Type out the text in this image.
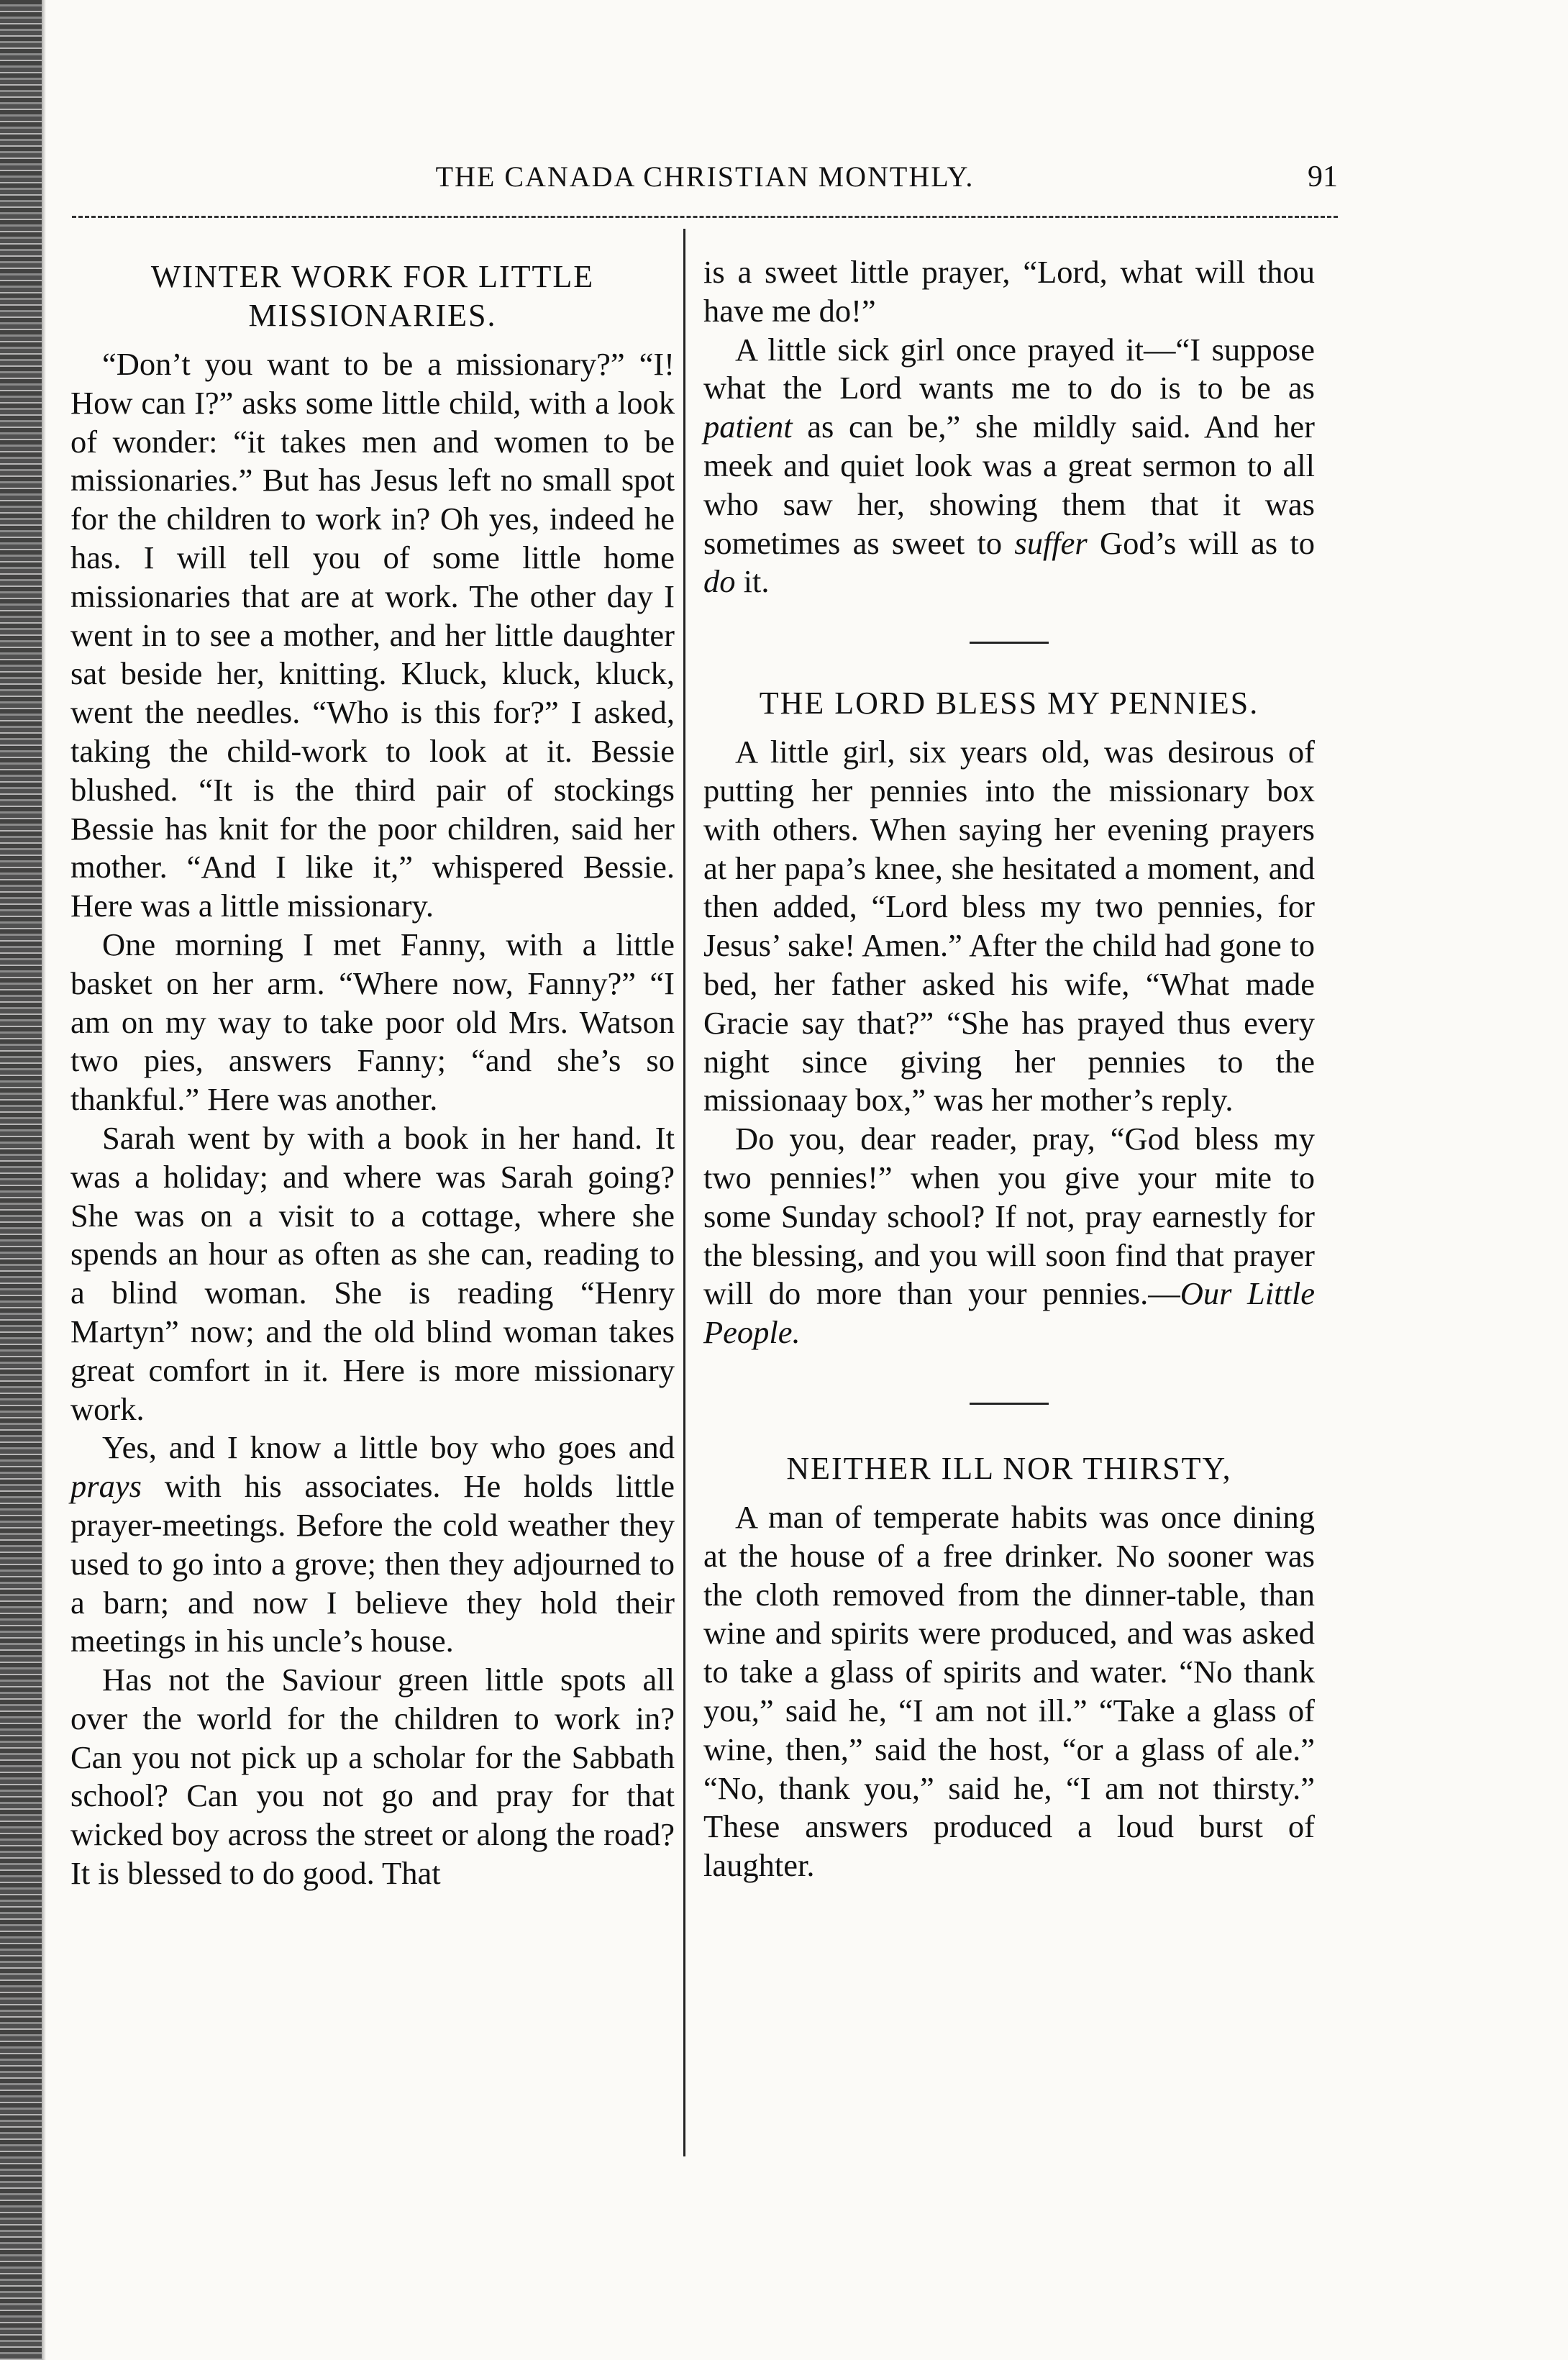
THE CANADA CHRISTIAN MONTHLY.	91
WINTER WORK FOR LITTLE MISSIONARIES.

“Don’t you want to be a missionary?” “I! How can I?” asks some little child, with a look of wonder: “it takes men and women to be missionaries.” But has Jesus left no small spot for the children to work in? Oh yes, indeed he has. I will tell you of some little home missionaries that are at work. The other day I went in to see a mother, and her little daughter sat beside her, knitting. Kluck, kluck, kluck, went the needles. “Who is this for?” I asked, taking the child-work to look at it. Bessie blushed. “It is the third pair of stockings Bessie has knit for the poor children, said her mother. “And I like it,” whispered Bessie. Here was a little missionary.

One morning I met Fanny, with a little basket on her arm. “Where now, Fanny?” “I am on my way to take poor old Mrs. Watson two pies, answers Fanny; “and she’s so thankful.” Here was another.

Sarah went by with a book in her hand. It was a holiday; and where was Sarah going? She was on a visit to a cottage, where she spends an hour as often as she can, reading to a blind woman. She is reading “Henry Martyn” now; and the old blind woman takes great comfort in it. Here is more missionary work.

Yes, and I know a little boy who goes and prays with his associates. He holds little prayer-meetings. Before the cold weather they used to go into a grove; then they adjourned to a barn; and now I believe they hold their meetings in his uncle’s house.

Has not the Saviour green little spots all over the world for the children to work in? Can you not pick up a scholar for the Sabbath school? Can you not go and pray for that wicked boy across the street or along the road? It is blessed to do good. That

is a sweet little prayer, “Lord, what will thou have me do!”

A little sick girl once prayed it—“I suppose what the Lord wants me to do is to be as patient as can be,” she mildly said. And her meek and quiet look was a great sermon to all who saw her, showing them that it was sometimes as sweet to suffer God’s will as to do it.

THE LORD BLESS MY PENNIES.

A little girl, six years old, was desirous of putting her pennies into the missionary box with others. When saying her evening prayers at her papa’s knee, she hesitated a moment, and then added, “Lord bless my two pennies, for Jesus’ sake! Amen.” After the child had gone to bed, her father asked his wife, “What made Gracie say that?” “She has prayed thus every night since giving her pennies to the missionaay box,” was her mother’s reply.

Do you, dear reader, pray, “God bless my two pennies!” when you give your mite to some Sunday school? If not, pray earnestly for the blessing, and you will soon find that prayer will do more than your pennies.—Our Little People.

NEITHER ILL NOR THIRSTY,

A man of temperate habits was once dining at the house of a free drinker. No sooner was the cloth removed from the dinner-table, than wine and spirits were produced, and was asked to take a glass of spirits and water. “No thank you,” said he, “I am not ill.” “Take a glass of wine, then,” said the host, “or a glass of ale.” “No, thank you,” said he, “I am not thirsty.” These answers produced a loud burst of laughter.
